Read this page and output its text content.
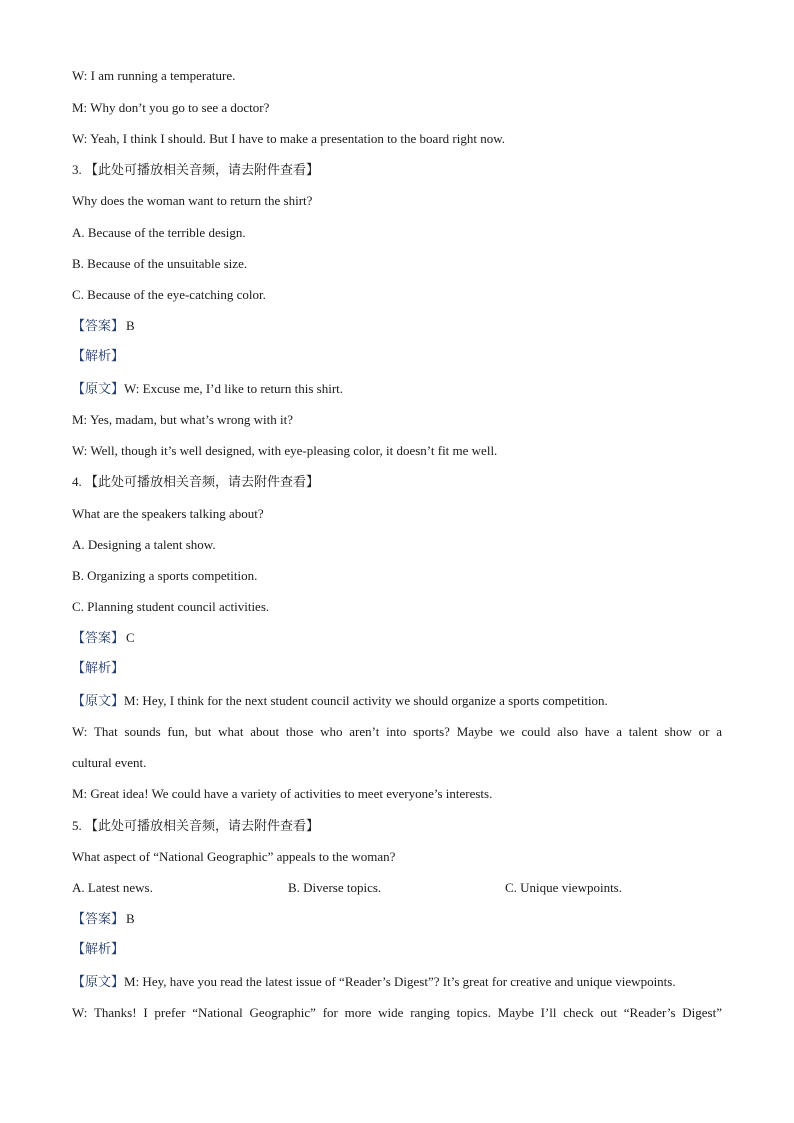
W: I am running a temperature.
M: Why don’t you go to see a doctor?
W: Yeah, I think I should. But I have to make a presentation to the board right now.
3. 【此处可播放相关音频，请去附件查看】
Why does the woman want to return the shirt?
A. Because of the terrible design.
B. Because of the unsuitable size.
C. Because of the eye-catching color.
【答案】 B
【解析】
【原文】W: Excuse me, I’d like to return this shirt.
M: Yes, madam, but what’s wrong with it?
W: Well, though it’s well designed, with eye-pleasing color, it doesn’t fit me well.
4. 【此处可播放相关音频，请去附件查看】
What are the speakers talking about?
A. Designing a talent show.
B. Organizing a sports competition.
C. Planning student council activities.
【答案】 C
【解析】
【原文】M: Hey, I think for the next student council activity we should organize a sports competition.
W: That sounds fun, but what about those who aren’t into sports? Maybe we could also have a talent show or a
cultural event.
M: Great idea! We could have a variety of activities to meet everyone’s interests.
5. 【此处可播放相关音频，请去附件查看】
What aspect of “National Geographic” appeals to the woman?
A. Latest news.	B. Diverse topics.	C. Unique viewpoints.
【答案】 B
【解析】
【原文】M: Hey, have you read the latest issue of “Reader’s Digest”? It’s great for creative and unique viewpoints.
W: Thanks! I prefer “National Geographic” for more wide ranging topics. Maybe I’ll check out “Reader’s Digest”
